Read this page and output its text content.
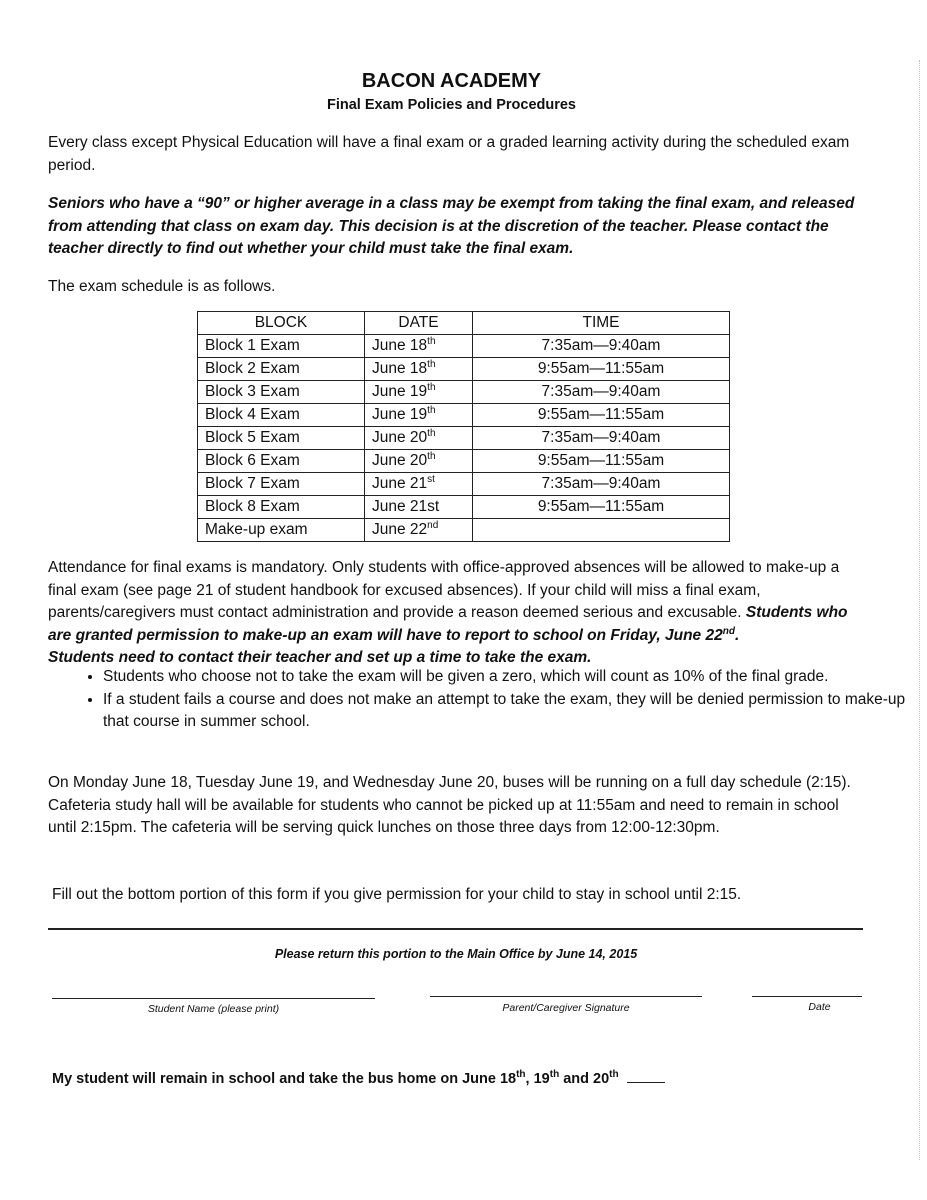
BACON ACADEMY
Final Exam Policies and Procedures
Every class except Physical Education will have a final exam or a graded learning activity during the scheduled exam period.
Seniors who have a “90” or higher average in a class may be exempt from taking the final exam, and released from attending that class on exam day. This decision is at the discretion of the teacher. Please contact the teacher directly to find out whether your child must take the final exam.
The exam schedule is as follows.
BLOCK	DATE	TIME
Block 1 Exam	June 18th	7:35am—9:40am
Block 2 Exam	June 18th	9:55am—11:55am
Block 3 Exam	June 19th	7:35am—9:40am
Block 4 Exam	June 19th	9:55am—11:55am
Block 5 Exam	June 20th	7:35am—9:40am
Block 6 Exam	June 20th	9:55am—11:55am
Block 7 Exam	June 21st	7:35am—9:40am
Block 8 Exam	June 21st	9:55am—11:55am
Make-up exam	June 22nd	
Attendance for final exams is mandatory. Only students with office-approved absences will be allowed to make-up a final exam (see page 21 of student handbook for excused absences). If your child will miss a final exam, parents/caregivers must contact administration and provide a reason deemed serious and excusable. Students who are granted permission to make-up an exam will have to report to school on Friday, June 22nd.
Students need to contact their teacher and set up a time to take the exam.
• Students who choose not to take the exam will be given a zero, which will count as 10% of the final grade.
• If a student fails a course and does not make an attempt to take the exam, they will be denied permission to make-up that course in summer school.
On Monday June 18, Tuesday June 19, and Wednesday June 20, buses will be running on a full day schedule (2:15). Cafeteria study hall will be available for students who cannot be picked up at 11:55am and need to remain in school until 2:15pm. The cafeteria will be serving quick lunches on those three days from 12:00-12:30pm.
Fill out the bottom portion of this form if you give permission for your child to stay in school until 2:15.
Please return this portion to the Main Office by June 14, 2015
Student Name (please print)	Parent/Caregiver Signature	Date
My student will remain in school and take the bus home on June 18th, 19th and 20th
